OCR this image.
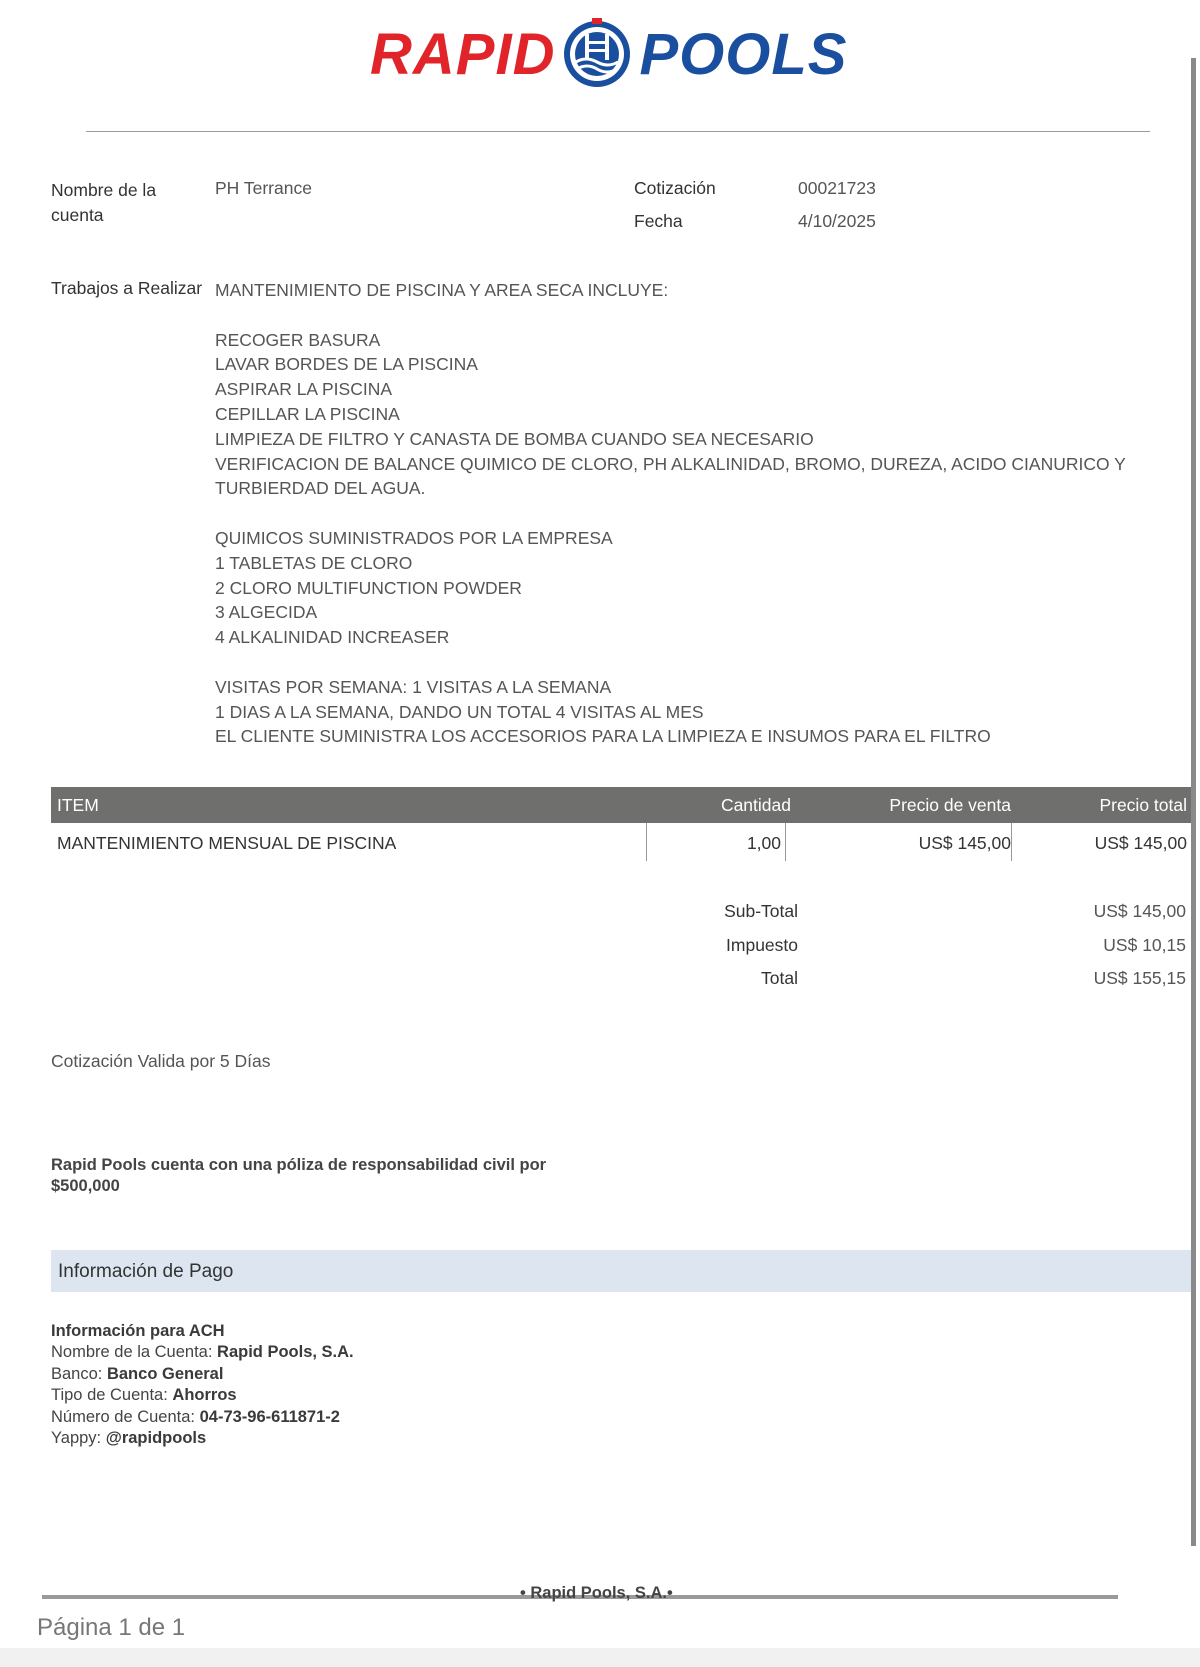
RAPID POOLS
Nombre de la cuenta
PH Terrance	Cotización	00021723
Fecha	4/10/2025
Trabajos a Realizar MANTENIMIENTO DE PISCINA Y AREA SECA INCLUYE:

RECOGER BASURA
LAVAR BORDES DE LA PISCINA
ASPIRAR LA PISCINA
CEPILLAR LA PISCINA
LIMPIEZA DE FILTRO Y CANASTA DE BOMBA CUANDO SEA NECESARIO
VERIFICACION DE BALANCE QUIMICO DE CLORO, PH ALKALINIDAD, BROMO, DUREZA, ACIDO CIANURICO Y
TURBIERDAD DEL AGUA.

QUIMICOS SUMINISTRADOS POR LA EMPRESA
1 TABLETAS DE CLORO
2 CLORO MULTIFUNCTION POWDER
3 ALGECIDA
4 ALKALINIDAD INCREASER

VISITAS POR SEMANA: 1 VISITAS A LA SEMANA
1 DIAS A LA SEMANA, DANDO UN TOTAL 4 VISITAS AL MES
EL CLIENTE SUMINISTRA LOS ACCESORIOS PARA LA LIMPIEZA E INSUMOS PARA EL FILTRO
ITEM	Cantidad	Precio de venta	Precio total
MANTENIMIENTO MENSUAL DE PISCINA	1,00	US$ 145,00	US$ 145,00
Sub-Total	US$ 145,00
Impuesto	US$ 10,15
Total	US$ 155,15
Cotización Valida por 5 Días
Rapid Pools cuenta con una póliza de responsabilidad civil por $500,000
Información de Pago
Información para ACH
Nombre de la Cuenta: Rapid Pools, S.A.
Banco: Banco General
Tipo de Cuenta: Ahorros
Número de Cuenta: 04-73-96-611871-2
Yappy: @rapidpools
• Rapid Pools, S.A.•
Página 1 de 1
